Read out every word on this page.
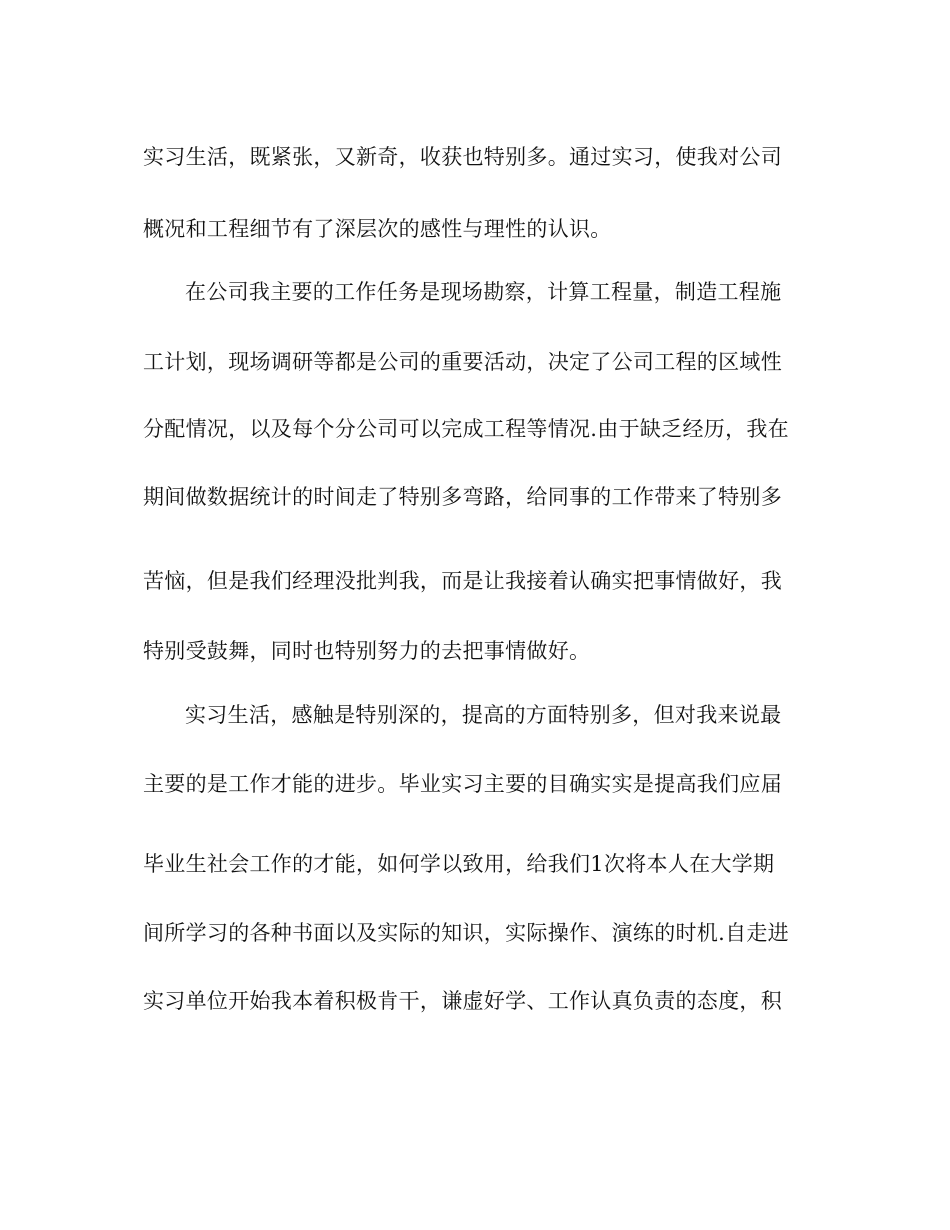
实习生活，既紧张，又新奇，收获也特别多。通过实习，使我对公司
概况和工程细节有了深层次的感性与理性的认识。
在公司我主要的工作任务是现场勘察，计算工程量，制造工程施
工计划，现场调研等都是公司的重要活动，决定了公司工程的区域性
分配情况，以及每个分公司可以完成工程等情况.由于缺乏经历，我在
期间做数据统计的时间走了特别多弯路，给同事的工作带来了特别多
苦恼，但是我们经理没批判我，而是让我接着认确实把事情做好，我
特别受鼓舞，同时也特别努力的去把事情做好。
实习生活，感触是特别深的，提高的方面特别多，但对我来说最
主要的是工作才能的进步。毕业实习主要的目确实实是提高我们应届
毕业生社会工作的才能，如何学以致用，给我们1次将本人在大学期
间所学习的各种书面以及实际的知识，实际操作、演练的时机.自走进
实习单位开始我本着积极肯干，谦虚好学、工作认真负责的态度，积
